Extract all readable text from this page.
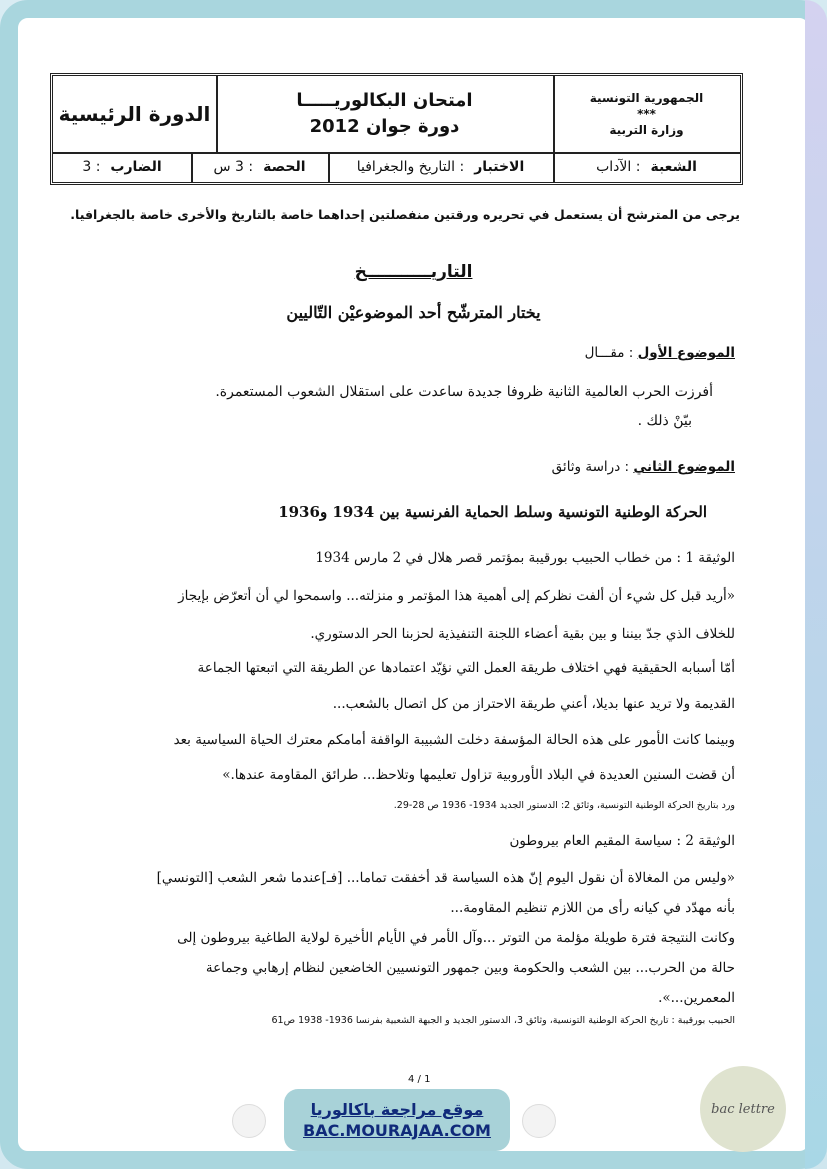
الجمهورية التونسية
***
وزارة التربية
امتحان البكالوريـــــا
دورة جوان 2012
الدورة الرئيسية
الشعبة
: الآداب
الاختبار
: التاريخ والجغرافيا
الحصة
: 3 س
الضارب
: 3
يرجى من المترشح أن يستعمل في تحريره ورقتين منفصلتين إحداهما خاصة بالتاريخ والأخرى خاصة بالجغرافيا.
التاريـــــــــــخ
يختار المترشّح أحد الموضوعيْن التّاليين
الموضوع الأول : مقـــال
أفرزت الحرب العالمية الثانية ظروفا جديدة ساعدت على استقلال الشعوب المستعمرة.
بيّنْ ذلك .
الموضوع الثاني : دراسة وثائق
الحركة الوطنية التونسية وسلط الحماية الفرنسية بين 1934 و1936
الوثيقة 1 : من خطاب الحبيب بورقيبة بمؤتمر قصر هلال في 2 مارس 1934
«أريد قبل كل شيء أن ألفت نظركم إلى أهمية هذا المؤتمر و منزلته... واسمحوا لي أن أتعرّض بإيجاز
للخلاف الذي جدّ بيننا و بين بقية أعضاء اللجنة التنفيذية لحزبنا الحر الدستوري.
أمّا أسبابه الحقيقية فهي اختلاف طريقة العمل التي نؤيّد اعتمادها عن الطريقة التي اتبعتها الجماعة
القديمة ولا تريد عنها بديلا، أعني طريقة الاحتراز من كل اتصال بالشعب...
وبينما كانت الأمور على هذه الحالة المؤسفة دخلت الشبيبة الواقفة أمامكم معترك الحياة السياسية بعد
أن قضت السنين العديدة في البلاد الأوروبية تزاول تعليمها وتلاحظ... طرائق المقاومة عندها.»
ورد بتاريخ الحركة الوطنية التونسية، وثائق 2: الدستور الجديد 1934- 1936 ص 28-29.
الوثيقة 2 : سياسة المقيم العام بيروطون
«وليس من المغالاة أن نقول اليوم إنّ هذه السياسة قد أخفقت تماما... [فـ]عندما شعر الشعب [التونسي]
بأنه مهدّد في كيانه رأى من اللازم تنظيم المقاومة...
وكانت النتيجة فترة طويلة مؤلمة من التوتر ...وآل الأمر في الأيام الأخيرة لولاية الطاغية بيروطون إلى
حالة من الحرب... بين الشعب والحكومة وبين جمهور التونسيين الخاضعين لنظام إرهابي وجماعة
المعمرين...».
الحبيب بورقيبة : تاريخ الحركة الوطنية التونسية، وثائق 3، الدستور الجديد و الجبهة الشعبية بفرنسا 1936- 1938 ص61
4 / 1
موقع مراجعة باكالوريا
BAC.MOURAJAA.COM
bac lettre
